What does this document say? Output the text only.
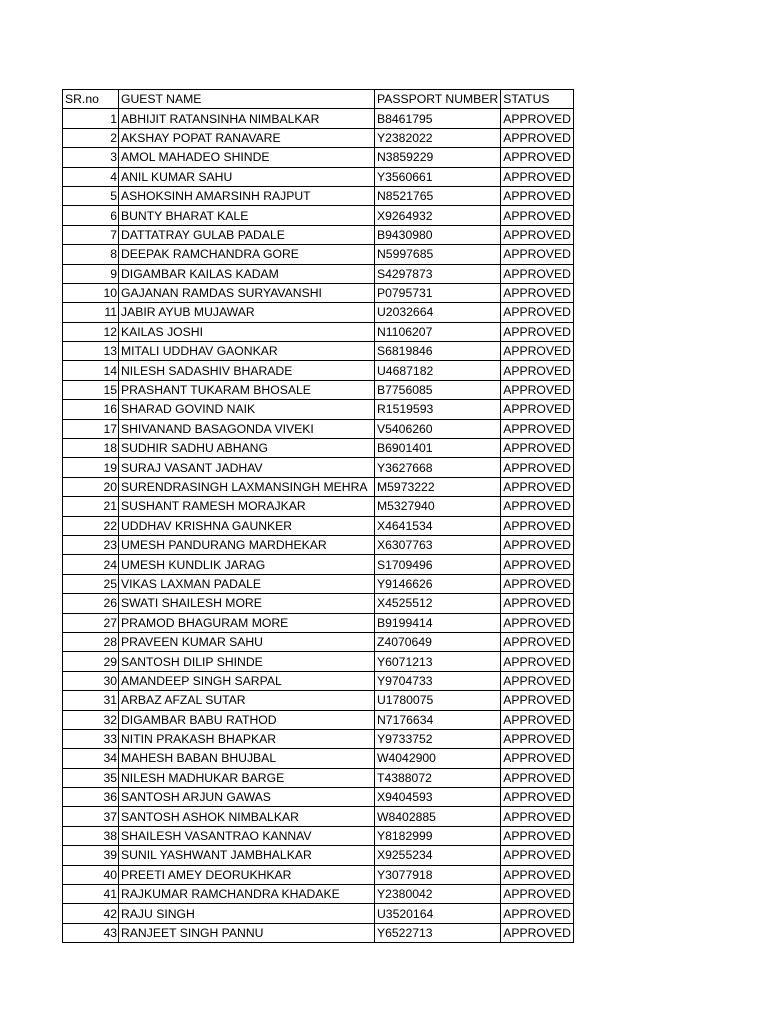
SR.no	GUEST NAME	PASSPORT NUMBER	STATUS
1	ABHIJIT RATANSINHA NIMBALKAR	B8461795	APPROVED
2	AKSHAY POPAT RANAVARE	Y2382022	APPROVED
3	AMOL MAHADEO SHINDE	N3859229	APPROVED
4	ANIL KUMAR SAHU	Y3560661	APPROVED
5	ASHOKSINH AMARSINH RAJPUT	N8521765	APPROVED
6	BUNTY BHARAT KALE	X9264932	APPROVED
7	DATTATRAY GULAB PADALE	B9430980	APPROVED
8	DEEPAK RAMCHANDRA GORE	N5997685	APPROVED
9	DIGAMBAR KAILAS KADAM	S4297873	APPROVED
10	GAJANAN RAMDAS SURYAVANSHI	P0795731	APPROVED
11	JABIR AYUB MUJAWAR	U2032664	APPROVED
12	KAILAS JOSHI	N1106207	APPROVED
13	MITALI UDDHAV GAONKAR	S6819846	APPROVED
14	NILESH SADASHIV BHARADE	U4687182	APPROVED
15	PRASHANT TUKARAM BHOSALE	B7756085	APPROVED
16	SHARAD GOVIND NAIK	R1519593	APPROVED
17	SHIVANAND BASAGONDA VIVEKI	V5406260	APPROVED
18	SUDHIR SADHU ABHANG	B6901401	APPROVED
19	SURAJ VASANT JADHAV	Y3627668	APPROVED
20	SURENDRASINGH LAXMANSINGH MEHRA	M5973222	APPROVED
21	SUSHANT RAMESH MORAJKAR	M5327940	APPROVED
22	UDDHAV KRISHNA GAUNKER	X4641534	APPROVED
23	UMESH PANDURANG MARDHEKAR	X6307763	APPROVED
24	UMESH KUNDLIK JARAG	S1709496	APPROVED
25	VIKAS LAXMAN PADALE	Y9146626	APPROVED
26	SWATI SHAILESH MORE	X4525512	APPROVED
27	PRAMOD BHAGURAM MORE	B9199414	APPROVED
28	PRAVEEN KUMAR SAHU	Z4070649	APPROVED
29	SANTOSH DILIP SHINDE	Y6071213	APPROVED
30	AMANDEEP SINGH SARPAL	Y9704733	APPROVED
31	ARBAZ AFZAL SUTAR	U1780075	APPROVED
32	DIGAMBAR BABU RATHOD	N7176634	APPROVED
33	NITIN PRAKASH BHAPKAR	Y9733752	APPROVED
34	MAHESH BABAN BHUJBAL	W4042900	APPROVED
35	NILESH MADHUKAR BARGE	T4388072	APPROVED
36	SANTOSH ARJUN GAWAS	X9404593	APPROVED
37	SANTOSH ASHOK NIMBALKAR	W8402885	APPROVED
38	SHAILESH VASANTRAO KANNAV	Y8182999	APPROVED
39	SUNIL YASHWANT JAMBHALKAR	X9255234	APPROVED
40	PREETI AMEY DEORUKHKAR	Y3077918	APPROVED
41	RAJKUMAR RAMCHANDRA KHADAKE	Y2380042	APPROVED
42	RAJU SINGH	U3520164	APPROVED
43	RANJEET SINGH PANNU	Y6522713	APPROVED
